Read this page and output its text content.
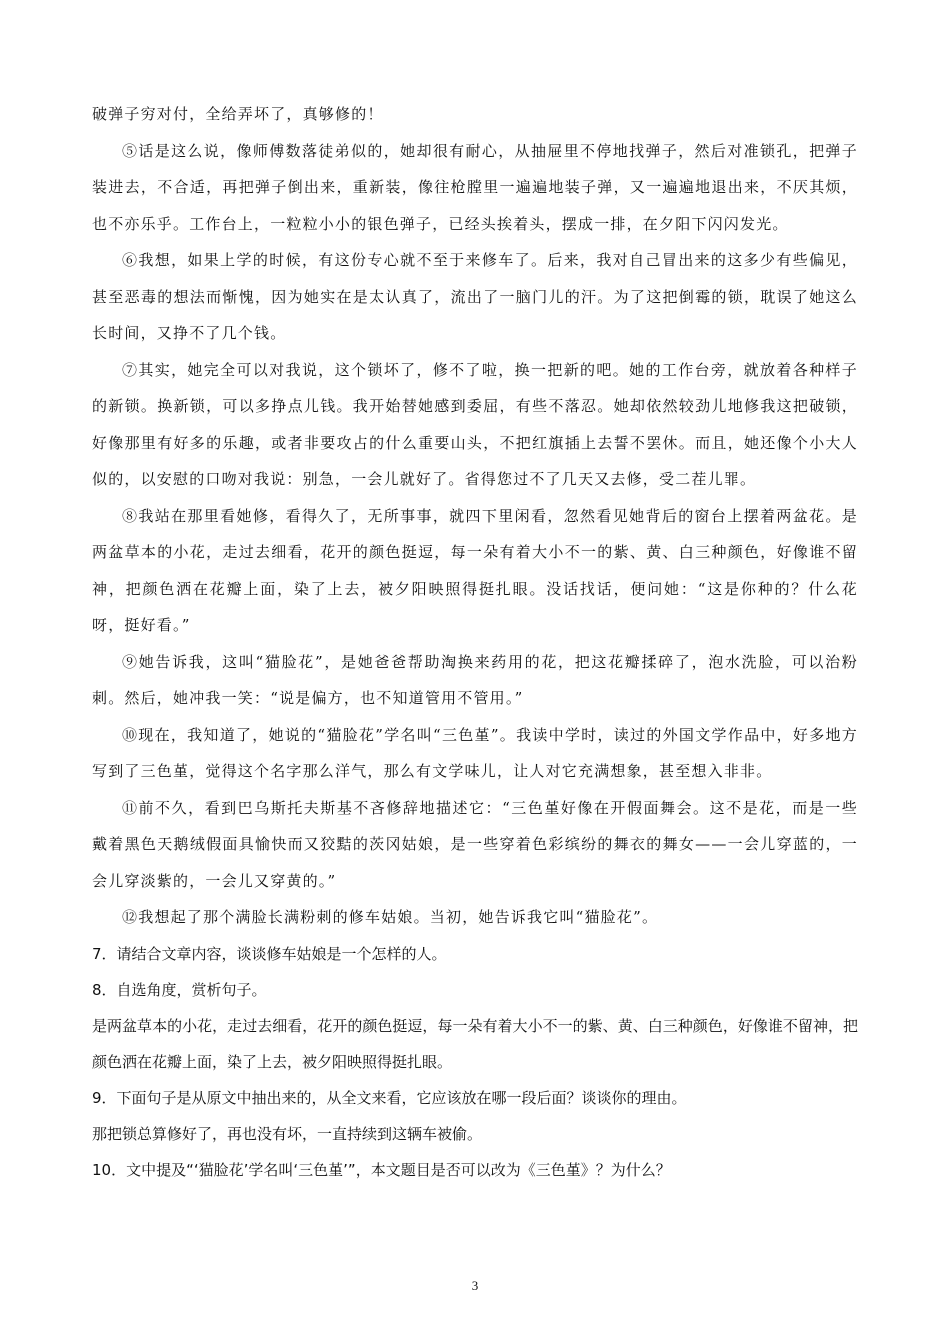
破弹子穷对付，全给弄坏了，真够修的！

⑤话是这么说，像师傅数落徒弟似的，她却很有耐心，从抽屉里不停地找弹子，然后对准锁孔，把弹子装进去，不合适，再把弹子倒出来，重新装，像往枪膛里一遍遍地装子弹，又一遍遍地退出来，不厌其烦，也不亦乐乎。工作台上，一粒粒小小的银色弹子，已经头挨着头，摆成一排，在夕阳下闪闪发光。

⑥我想，如果上学的时候，有这份专心就不至于来修车了。后来，我对自己冒出来的这多少有些偏见，甚至恶毒的想法而惭愧，因为她实在是太认真了，流出了一脑门儿的汗。为了这把倒霉的锁，耽误了她这么长时间，又挣不了几个钱。

⑦其实，她完全可以对我说，这个锁坏了，修不了啦，换一把新的吧。她的工作台旁，就放着各种样子的新锁。换新锁，可以多挣点儿钱。我开始替她感到委屈，有些不落忍。她却依然较劲儿地修我这把破锁，好像那里有好多的乐趣，或者非要攻占的什么重要山头，不把红旗插上去誓不罢休。而且，她还像个小大人似的，以安慰的口吻对我说：别急，一会儿就好了。省得您过不了几天又去修，受二茬儿罪。

⑧我站在那里看她修，看得久了，无所事事，就四下里闲看，忽然看见她背后的窗台上摆着两盆花。是两盆草本的小花，走过去细看，花开的颜色挺逗，每一朵有着大小不一的紫、黄、白三种颜色，好像谁不留神，把颜色洒在花瓣上面，染了上去，被夕阳映照得挺扎眼。没话找话，便问她：“这是你种的？什么花呀，挺好看。”

⑨她告诉我，这叫“猫脸花”，是她爸爸帮助淘换来药用的花，把这花瓣揉碎了，泡水洗脸，可以治粉刺。然后，她冲我一笑：“说是偏方，也不知道管用不管用。”

⑩现在，我知道了，她说的“猫脸花”学名叫“三色堇”。我读中学时，读过的外国文学作品中，好多地方写到了三色堇，觉得这个名字那么洋气，那么有文学味儿，让人对它充满想象，甚至想入非非。

⑪前不久，看到巴乌斯托夫斯基不吝修辞地描述它：“三色堇好像在开假面舞会。这不是花，而是一些戴着黑色天鹅绒假面具愉快而又狡黠的茨冈姑娘，是一些穿着色彩缤纷的舞衣的舞女——一会儿穿蓝的，一会儿穿淡紫的，一会儿又穿黄的。”

⑫我想起了那个满脸长满粉刺的修车姑娘。当初，她告诉我它叫“猫脸花”。

7．请结合文章内容，谈谈修车姑娘是一个怎样的人。

8．自选角度，赏析句子。

是两盆草本的小花，走过去细看，花开的颜色挺逗，每一朵有着大小不一的紫、黄、白三种颜色，好像谁不留神，把颜色洒在花瓣上面，染了上去，被夕阳映照得挺扎眼。

9．下面句子是从原文中抽出来的，从全文来看，它应该放在哪一段后面？谈谈你的理由。

那把锁总算修好了，再也没有坏，一直持续到这辆车被偷。

10．文中提及“‘猫脸花’学名叫‘三色堇’”，本文题目是否可以改为《三色堇》？为什么？

3
